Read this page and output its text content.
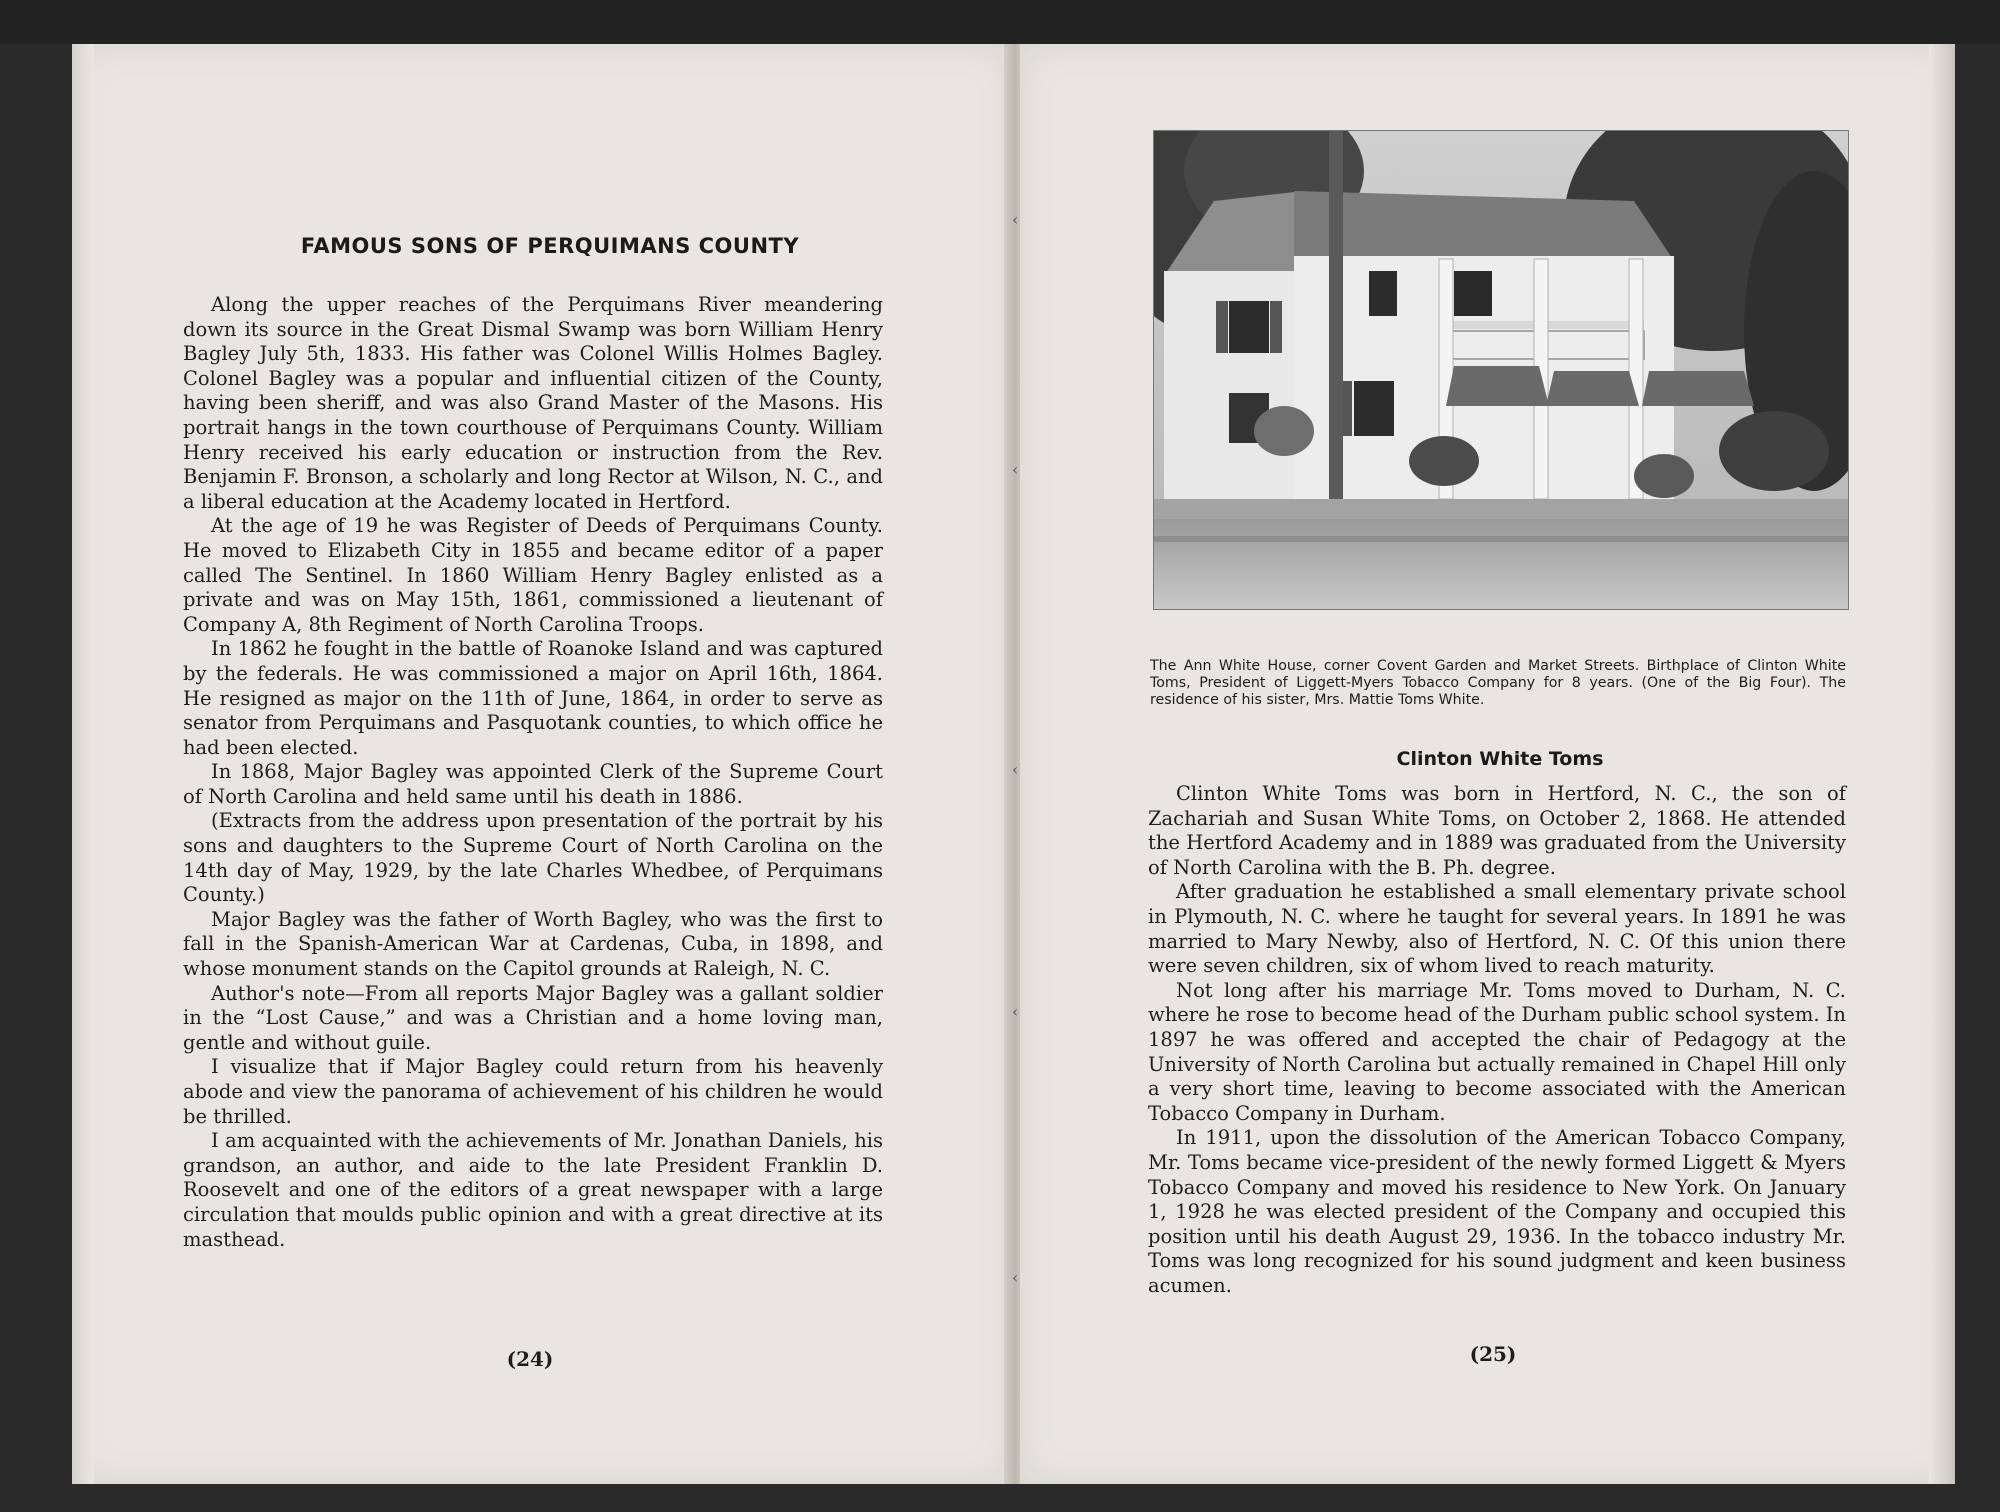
FAMOUS SONS OF PERQUIMANS COUNTY

Along the upper reaches of the Perquimans River meandering down its source in the Great Dismal Swamp was born William Henry Bagley July 5th, 1833. His father was Colonel Willis Holmes Bagley. Colonel Bagley was a popular and influential citizen of the County, having been sheriff, and was also Grand Master of the Masons. His portrait hangs in the town courthouse of Perquimans County. William Henry received his early education or instruction from the Rev. Benjamin F. Bronson, a scholarly and long Rector at Wilson, N. C., and a liberal education at the Academy located in Hertford.

At the age of 19 he was Register of Deeds of Perquimans County. He moved to Elizabeth City in 1855 and became editor of a paper called The Sentinel. In 1860 William Henry Bagley enlisted as a private and was on May 15th, 1861, commissioned a lieutenant of Company A, 8th Regiment of North Carolina Troops.

In 1862 he fought in the battle of Roanoke Island and was captured by the federals. He was commissioned a major on April 16th, 1864. He resigned as major on the 11th of June, 1864, in order to serve as senator from Perquimans and Pasquotank counties, to which office he had been elected.

In 1868, Major Bagley was appointed Clerk of the Supreme Court of North Carolina and held same until his death in 1886.

(Extracts from the address upon presentation of the portrait by his sons and daughters to the Supreme Court of North Carolina on the 14th day of May, 1929, by the late Charles Whedbee, of Perquimans County.)

Major Bagley was the father of Worth Bagley, who was the first to fall in the Spanish-American War at Cardenas, Cuba, in 1898, and whose monument stands on the Capitol grounds at Raleigh, N. C.

Author's note—From all reports Major Bagley was a gallant soldier in the “Lost Cause,” and was a Christian and a home loving man, gentle and without guile.

I visualize that if Major Bagley could return from his heavenly abode and view the panorama of achievement of his children he would be thrilled.

I am acquainted with the achievements of Mr. Jonathan Daniels, his grandson, an author, and aide to the late President Franklin D. Roosevelt and one of the editors of a great newspaper with a large circulation that moulds public opinion and with a great directive at its masthead.

(24)
‹
‹
‹
‹
‹
The Ann White House, corner Covent Garden and Market Streets. Birthplace of Clinton White Toms, President of Liggett-Myers Tobacco Company for 8 years. (One of the Big Four). The residence of his sister, Mrs. Mattie Toms White.
Clinton White Toms

Clinton White Toms was born in Hertford, N. C., the son of Zachariah and Susan White Toms, on October 2, 1868. He attended the Hertford Academy and in 1889 was graduated from the University of North Carolina with the B. Ph. degree.

After graduation he established a small elementary private school in Plymouth, N. C. where he taught for several years. In 1891 he was married to Mary Newby, also of Hertford, N. C. Of this union there were seven children, six of whom lived to reach maturity.

Not long after his marriage Mr. Toms moved to Durham, N. C. where he rose to become head of the Durham public school system. In 1897 he was offered and accepted the chair of Pedagogy at the University of North Carolina but actually remained in Chapel Hill only a very short time, leaving to become associated with the American Tobacco Company in Durham.

In 1911, upon the dissolution of the American Tobacco Company, Mr. Toms became vice-president of the newly formed Liggett & Myers Tobacco Company and moved his residence to New York. On January 1, 1928 he was elected president of the Company and occupied this position until his death August 29, 1936. In the tobacco industry Mr. Toms was long recognized for his sound judgment and keen business acumen.

(25)
